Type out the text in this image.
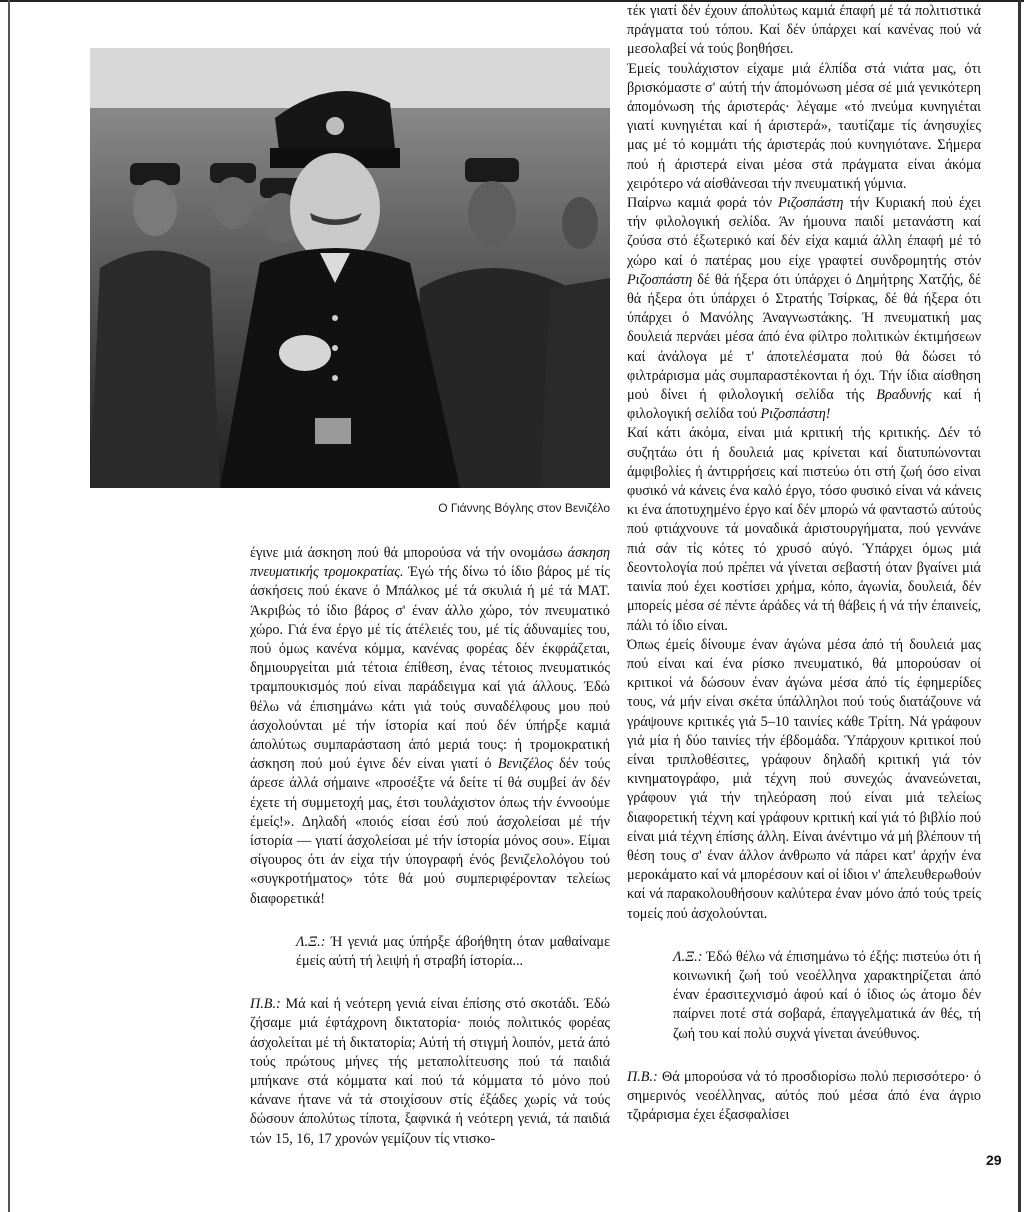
Ο Γιάννης Βόγλης στον Βενιζέλο
έγινε μιά άσκηση πού θά μπορούσα νά τήν ονομάσω άσκηση πνευματικής τρομοκρατίας. Έγώ τής δίνω τό ίδιο βάρος μέ τίς άσκήσεις πού έκανε ό Μπάλκος μέ τά σκυλιά ή μέ τά ΜΑΤ. Άκριβώς τό ίδιο βάρος σ' έναν άλλο χώρο, τόν πνευματικό χώρο. Γιά ένα έργο μέ τίς άτέλειές του, μέ τίς άδυναμίες του, πού όμως κανένα κόμμα, κανένας φορέας δέν έκφράζεται, δημιουργείται μιά τέτοια έπίθεση, ένας τέτοιος πνευματικός τραμπουκισμός πού είναι παράδειγμα καί γιά άλλους. Έδώ θέλω νά έπισημάνω κάτι γιά τούς συναδέλφους μου πού άσχολούνται μέ τήν ίστορία καί πού δέν ύπήρξε καμιά άπολύτως συμπαράσταση άπό μεριά τους: ή τρομοκρατική άσκηση πού μού έγινε δέν είναι γιατί ό Βενιζέλος δέν τούς άρεσε άλλά σήμαινε «προσέξτε νά δείτε τί θά συμβεί άν δέν έχετε τή συμμετοχή μας, έτσι τουλάχιστον όπως τήν έννοούμε έμείς!». Δηλαδή «ποιός είσαι έσύ πού άσχολείσαι μέ τήν ίστορία — γιατί άσχολείσαι μέ τήν ίστορία μόνος σου». Είμαι σίγουρος ότι άν είχα τήν ύπογραφή ένός βενιζελολόγου τού «συγκροτήματος» τότε θά μού συμπεριφέρονταν τελείως διαφορετικά!
Λ.Ξ.: Ή γενιά μας ύπήρξε άβοήθητη όταν μαθαίναμε έμείς αύτή τή λειψή ή στραβή ίστορία...
Π.Β.: Μά καί ή νεότερη γενιά είναι έπίσης στό σκοτάδι. Έδώ ζήσαμε μιά έφτάχρονη δικτατορία· ποιός πολιτικός φορέας άσχολείται μέ τή δικτατορία; Αύτή τή στιγμή λοιπόν, μετά άπό τούς πρώτους μήνες τής μεταπολίτευσης πού τά παιδιά μπήκανε στά κόμματα καί πού τά κόμματα τό μόνο πού κάνανε ήτανε νά τά στοιχίσουν στίς έξάδες χωρίς νά τούς δώσουν άπολύτως τίποτα, ξαφνικά ή νεότερη γενιά, τά παιδιά τών 15, 16, 17 χρονών γεμίζουν τίς ντισκο-
τέκ γιατί δέν έχουν άπολύτως καμιά έπαφή μέ τά πολιτιστικά πράγματα τού τόπου. Καί δέν ύπάρχει καί κανένας πού νά μεσολαβεί νά τούς βοηθήσει.
Έμείς τουλάχιστον είχαμε μιά έλπίδα στά νιάτα μας, ότι βρισκόμαστε σ' αύτή τήν άπομόνωση μέσα σέ μιά γενικότερη άπομόνωση τής άριστεράς· λέγαμε «τό πνεύμα κυνηγιέται γιατί κυνηγιέται καί ή άριστερά», ταυτίζαμε τίς άνησυχίες μας μέ τό κομμάτι τής άριστεράς πού κυνηγιότανε. Σήμερα πού ή άριστερά είναι μέσα στά πράγματα είναι άκόμα χειρότερο νά αίσθάνεσαι τήν πνευματική γύμνια.
Παίρνω καμιά φορά τόν Ριζοσπάστη τήν Κυριακή πού έχει τήν φιλολογική σελίδα. Άν ήμουνα παιδί μετανάστη καί ζούσα στό έξωτερικό καί δέν είχα καμιά άλλη έπαφή μέ τό χώρο καί ό πατέρας μου είχε γραφτεί συνδρομητής στόν Ριζοσπάστη δέ θά ήξερα ότι ύπάρχει ό Δημήτρης Χατζής, δέ θά ήξερα ότι ύπάρχει ό Στρατής Τσίρκας, δέ θά ήξερα ότι ύπάρχει ό Μανόλης Άναγνωστάκης. Ή πνευματική μας δουλειά περνάει μέσα άπό ένα φίλτρο πολιτικών έκτιμήσεων καί άνάλογα μέ τ' άποτελέσματα πού θά δώσει τό φιλτράρισμα μάς συμπαραστέκονται ή όχι. Τήν ίδια αίσθηση μού δίνει ή φιλολογική σελίδα τής Βραδυνής καί ή φιλολογική σελίδα τού Ριζοσπάστη!
Καί κάτι άκόμα, είναι μιά κριτική τής κριτικής. Δέν τό συζητάω ότι ή δουλειά μας κρίνεται καί διατυπώνονται άμφιβολίες ή άντιρρήσεις καί πιστεύω ότι στή ζωή όσο είναι φυσικό νά κάνεις ένα καλό έργο, τόσο φυσικό είναι νά κάνεις κι ένα άποτυχημένο έργο καί δέν μπορώ νά φανταστώ αύτούς πού φτιάχνουνε τά μοναδικά άριστουργήματα, πού γεννάνε πιά σάν τίς κότες τό χρυσό αύγό. Ύπάρχει όμως μιά δεοντολογία πού πρέπει νά γίνεται σεβαστή όταν βγαίνει μιά ταινία πού έχει κοστίσει χρήμα, κόπο, άγωνία, δουλειά, δέν μπορείς μέσα σέ πέντε άράδες νά τή θάβεις ή νά τήν έπαινείς, πάλι τό ίδιο είναι.
Όπως έμείς δίνουμε έναν άγώνα μέσα άπό τή δουλειά μας πού είναι καί ένα ρίσκο πνευματικό, θά μπορούσαν οί κριτικοί νά δώσουν έναν άγώνα μέσα άπό τίς έφημερίδες τους, νά μήν είναι σκέτα ύπάλληλοι πού τούς διατάζουνε νά γράψουνε κριτικές γιά 5–10 ταινίες κάθε Τρίτη. Νά γράφουν γιά μία ή δύο ταινίες τήν έβδομάδα. Ύπάρχουν κριτικοί πού είναι τριπλοθέσιτες, γράφουν δηλαδή κριτική γιά τόν κινηματογράφο, μιά τέχνη πού συνεχώς άνανεώνεται, γράφουν γιά τήν τηλεόραση πού είναι μιά τελείως διαφορετική τέχνη καί γράφουν κριτική καί γιά τό βιβλίο πού είναι μιά τέχνη έπίσης άλλη. Είναι άνέντιμο νά μή βλέπουν τή θέση τους σ' έναν άλλον άνθρωπο νά πάρει κατ' άρχήν ένα μεροκάματο καί νά μπορέσουν καί οί ίδιοι ν' άπελευθερωθούν καί νά παρακολουθήσουν καλύτερα έναν μόνο άπό τούς τρείς τομείς πού άσχολούνται.
Λ.Ξ.: Έδώ θέλω νά έπισημάνω τό έξής: πιστεύω ότι ή κοινωνική ζωή τού νεοέλληνα χαρακτηρίζεται άπό έναν έρασιτεχνισμό άφού καί ό ίδιος ώς άτομο δέν παίρνει ποτέ στά σοβαρά, έπαγγελματικά άν θές, τή ζωή του καί πολύ συχνά γίνεται άνεύθυνος.
Π.Β.: Θά μπορούσα νά τό προσδιορίσω πολύ περισσότερο· ό σημερινός νεοέλληνας, αύτός πού μέσα άπό ένα άγριο τζιράρισμα έχει έξασφαλίσει
29
